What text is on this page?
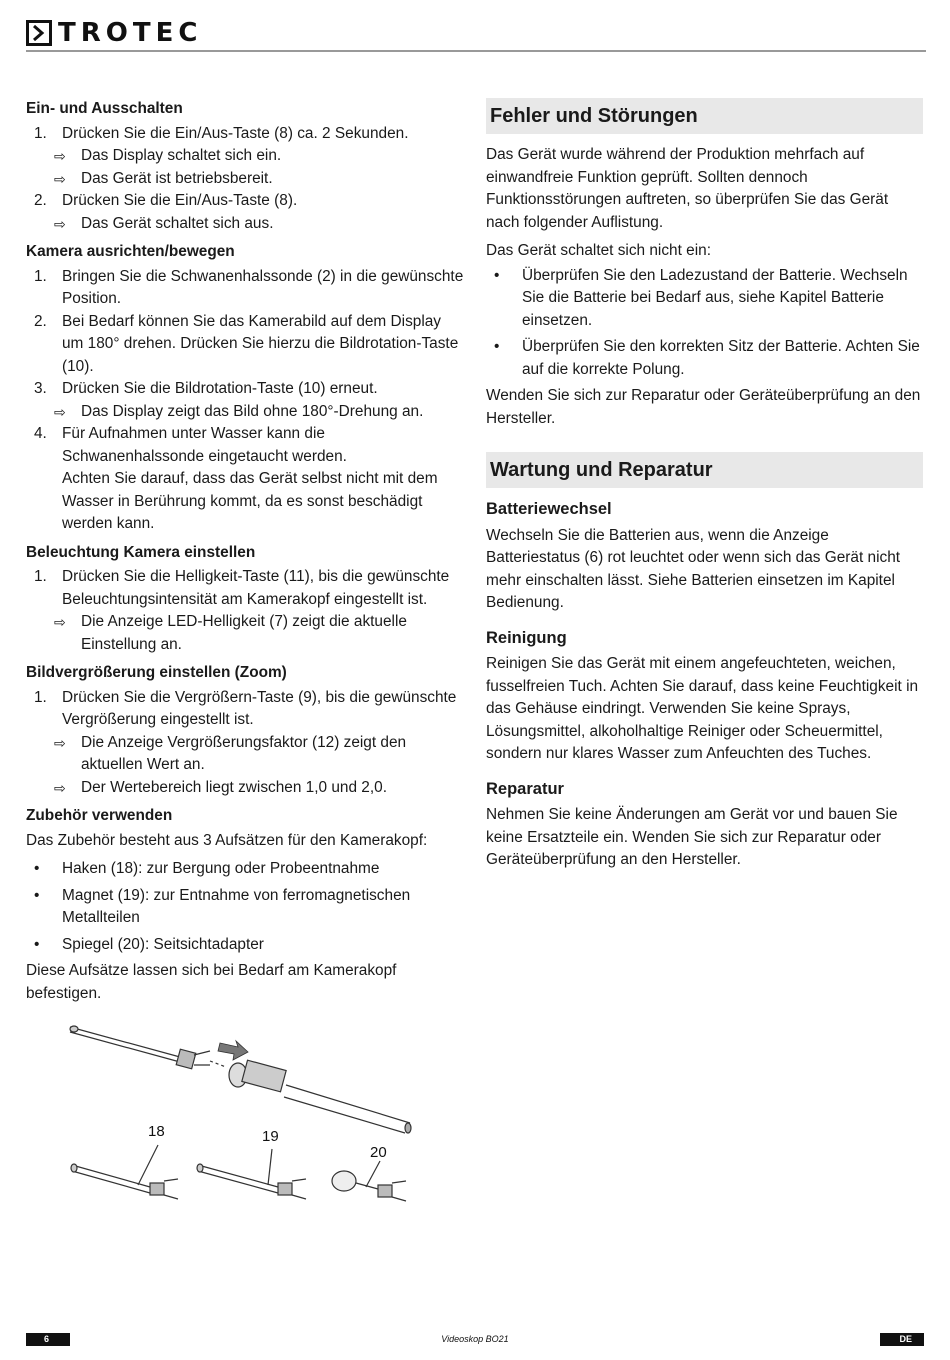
TROTEC
Ein- und Ausschalten
1. Drücken Sie die Ein/Aus-Taste (8) ca. 2 Sekunden.
⇨ Das Display schaltet sich ein.
⇨ Das Gerät ist betriebsbereit.
2. Drücken Sie die Ein/Aus-Taste (8).
⇨ Das Gerät schaltet sich aus.
Kamera ausrichten/bewegen
1. Bringen Sie die Schwanenhalssonde (2) in die gewünschte Position.
2. Bei Bedarf können Sie das Kamerabild auf dem Display um 180° drehen. Drücken Sie hierzu die Bildrotation-Taste (10).
3. Drücken Sie die Bildrotation-Taste (10) erneut.
⇨ Das Display zeigt das Bild ohne 180°-Drehung an.
4. Für Aufnahmen unter Wasser kann die Schwanenhalssonde eingetaucht werden.
Achten Sie darauf, dass das Gerät selbst nicht mit dem Wasser in Berührung kommt, da es sonst beschädigt werden kann.
Beleuchtung Kamera einstellen
1. Drücken Sie die Helligkeit-Taste (11), bis die gewünschte Beleuchtungsintensität am Kamerakopf eingestellt ist.
⇨ Die Anzeige LED-Helligkeit (7) zeigt die aktuelle Einstellung an.
Bildvergrößerung einstellen (Zoom)
1. Drücken Sie die Vergrößern-Taste (9), bis die gewünschte Vergrößerung eingestellt ist.
⇨ Die Anzeige Vergrößerungsfaktor (12) zeigt den aktuellen Wert an.
⇨ Der Wertebereich liegt zwischen 1,0 und 2,0.
Zubehör verwenden

Das Zubehör besteht aus 3 Aufsätzen für den Kamerakopf:

• Haken (18): zur Bergung oder Probeentnahme
• Magnet (19): zur Entnahme von ferromagnetischen Metallteilen
• Spiegel (20): Seitsichtadapter

Diese Aufsätze lassen sich bei Bedarf am Kamerakopf befestigen.

18	19
20
Fehler und Störungen

Das Gerät wurde während der Produktion mehrfach auf einwandfreie Funktion geprüft. Sollten dennoch Funktionsstörungen auftreten, so überprüfen Sie das Gerät nach folgender Auflistung.

Das Gerät schaltet sich nicht ein:

• Überprüfen Sie den Ladezustand der Batterie. Wechseln Sie die Batterie bei Bedarf aus, siehe Kapitel Batterie einsetzen.
• Überprüfen Sie den korrekten Sitz der Batterie. Achten Sie auf die korrekte Polung.

Wenden Sie sich zur Reparatur oder Geräteüberprüfung an den Hersteller.

Wartung und Reparatur
Batteriewechsel

Wechseln Sie die Batterien aus, wenn die Anzeige Batteriestatus (6) rot leuchtet oder wenn sich das Gerät nicht mehr einschalten lässt. Siehe Batterien einsetzen im Kapitel Bedienung.

Reinigung

Reinigen Sie das Gerät mit einem angefeuchteten, weichen, fusselfreien Tuch. Achten Sie darauf, dass keine Feuchtigkeit in das Gehäuse eindringt. Verwenden Sie keine Sprays, Lösungsmittel, alkoholhaltige Reiniger oder Scheuermittel, sondern nur klares Wasser zum Anfeuchten des Tuches.

Reparatur

Nehmen Sie keine Änderungen am Gerät vor und bauen Sie keine Ersatzteile ein. Wenden Sie sich zur Reparatur oder Geräteüberprüfung an den Hersteller.

6	Videoskop BO21	DE
